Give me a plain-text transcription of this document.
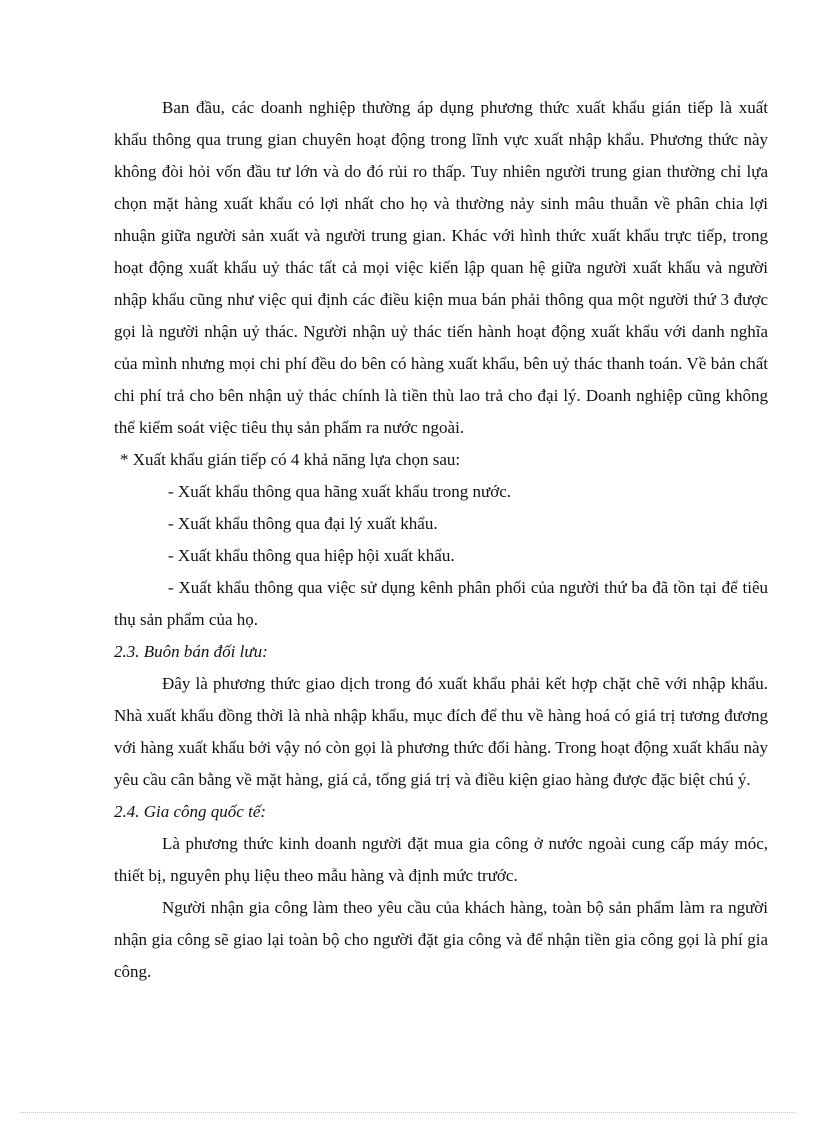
Ban đầu, các doanh nghiệp thường áp dụng phương thức xuất khẩu gián tiếp là xuất khẩu thông qua trung gian chuyên hoạt động trong lĩnh vực xuất nhập khẩu. Phương thức này không đòi hỏi vốn đầu tư lớn và do đó rủi ro thấp. Tuy nhiên người trung gian thường chỉ lựa chọn mặt hàng xuất khẩu có lợi nhất cho họ và thường nảy sinh mâu thuẫn về phân chia lợi nhuận giữa người sản xuất và người trung gian. Khác với hình thức xuất khẩu trực tiếp, trong hoạt động xuất khẩu uỷ thác tất cả mọi việc kiến lập quan hệ giữa người xuất khẩu và người nhập khẩu cũng như việc qui định các điều kiện mua bán phải thông qua một người thứ 3 được gọi là người nhận uỷ thác. Người nhận uỷ thác tiến hành hoạt động xuất khẩu với danh nghĩa của mình nhưng mọi chi phí đều do bên có hàng xuất khẩu, bên uỷ thác thanh toán. Về bản chất chi phí trả cho bên nhận uỷ thác chính là tiền thù lao trả cho đại lý. Doanh nghiệp cũng không thể kiểm soát việc tiêu thụ sản phẩm ra nước ngoài.

* Xuất khẩu gián tiếp có 4 khả năng lựa chọn sau:

- Xuất khẩu thông qua hãng xuất khẩu trong nước.

- Xuất khẩu thông qua đại lý xuất khẩu.

- Xuất khẩu thông qua hiệp hội xuất khẩu.

- Xuất khẩu thông qua việc sử dụng kênh phân phối của người thứ ba đã tồn tại để tiêu thụ sản phẩm của họ.

2.3. Buôn bán đối lưu:

Đây là phương thức giao dịch trong đó xuất khẩu phải kết hợp chặt chẽ với nhập khẩu. Nhà xuất khẩu đồng thời là nhà nhập khẩu, mục đích để thu về hàng hoá có giá trị tương đương với hàng xuất khẩu bởi vậy nó còn gọi là phương thức đổi hàng. Trong hoạt động xuất khẩu này yêu cầu cân bằng về mặt hàng, giá cả, tổng giá trị và điều kiện giao hàng được đặc biệt chú ý.

2.4. Gia công quốc tế:

Là phương thức kinh doanh người đặt mua gia công ở nước ngoài cung cấp máy móc, thiết bị, nguyên phụ liệu theo mẫu hàng và định mức trước.

Người nhận gia công làm theo yêu cầu của khách hàng, toàn bộ sản phẩm làm ra người nhận gia công sẽ giao lại toàn bộ cho người đặt gia công và để nhận tiền gia công gọi là phí gia công.
